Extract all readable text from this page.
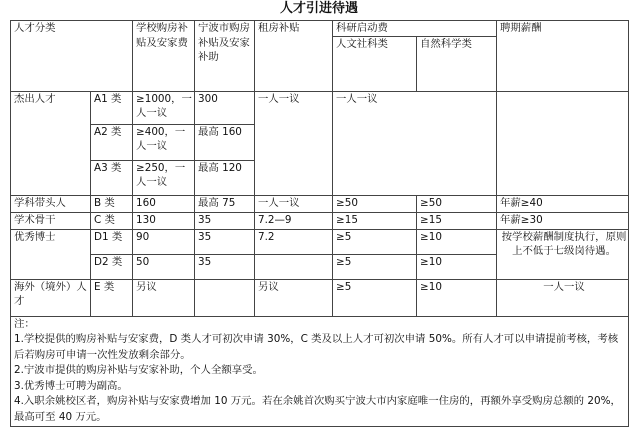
人才引进待遇
人才分类		学校购房补贴及安家费	宁波市购房补贴及安家补助	租房补贴	科研启动费		聘期薪酬
					人文社科类	自然科学类	
杰出人才	A1 类	≥1000，一人一议	300	一人一议	一人一议		
	A2 类	≥400，一人一议	最高 160				
	A3 类	≥250，一人一议	最高 120				
学科带头人	B 类	160	最高 75	一人一议	≥50	≥50	年薪≥40
学术骨干	C 类	130	35	7.2—9	≥15	≥15	年薪≥30
优秀博士	D1 类	90	35	7.2	≥5	≥10	按学校薪酬制度执行，原则上不低于七级岗待遇。
	D2 类	50	35		≥5	≥10	
海外（境外）人才	E 类	另议		另议	≥5	≥10	一人一议

注：
1.学校提供的购房补贴与安家费，D 类人才可初次申请 30%，C 类及以上人才可初次申请 50%。所有人才可以申请提前考核，考核后若购房可申请一次性发放剩余部分。
2.宁波市提供的购房补贴与安家补助，个人全额享受。
3.优秀博士可聘为副高。
4.入职余姚校区者，购房补贴与安家费增加 10 万元。若在余姚首次购买宁波大市内家庭唯一住房的，再额外享受购房总额的 20%，最高可至 40 万元。							
